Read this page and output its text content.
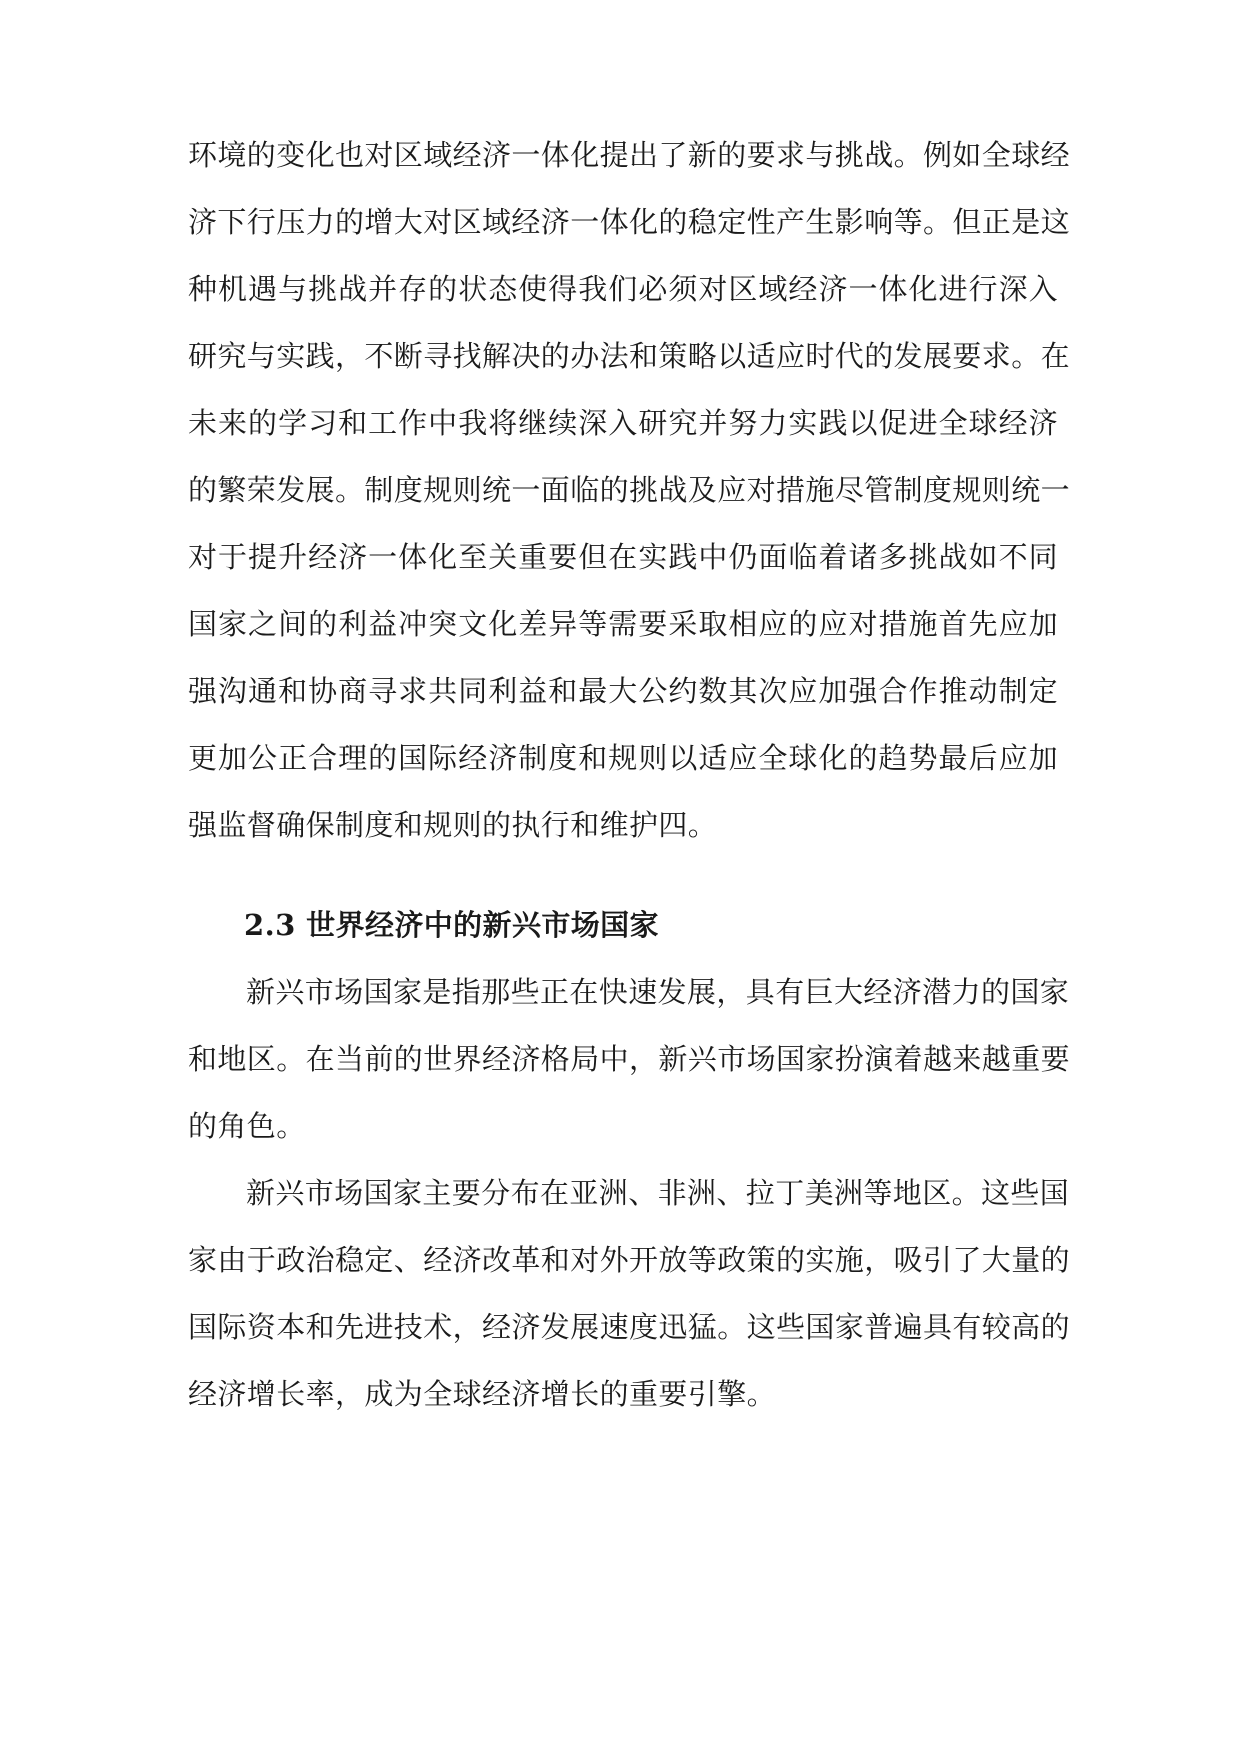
环境的变化也对区域经济一体化提出了新的要求与挑战。例如全球经
济下行压力的增大对区域经济一体化的稳定性产生影响等。但正是这
种机遇与挑战并存的状态使得我们必须对区域经济一体化进行深入
研究与实践，不断寻找解决的办法和策略以适应时代的发展要求。在
未来的学习和工作中我将继续深入研究并努力实践以促进全球经济
的繁荣发展。制度规则统一面临的挑战及应对措施尽管制度规则统一
对于提升经济一体化至关重要但在实践中仍面临着诸多挑战如不同
国家之间的利益冲突文化差异等需要采取相应的应对措施首先应加
强沟通和协商寻求共同利益和最大公约数其次应加强合作推动制定
更加公正合理的国际经济制度和规则以适应全球化的趋势最后应加
强监督确保制度和规则的执行和维护四。
2.3 世界经济中的新兴市场国家
新兴市场国家是指那些正在快速发展，具有巨大经济潜力的国家
和地区。在当前的世界经济格局中，新兴市场国家扮演着越来越重要
的角色。
新兴市场国家主要分布在亚洲、非洲、拉丁美洲等地区。这些国
家由于政治稳定、经济改革和对外开放等政策的实施，吸引了大量的
国际资本和先进技术，经济发展速度迅猛。这些国家普遍具有较高的
经济增长率，成为全球经济增长的重要引擎。
